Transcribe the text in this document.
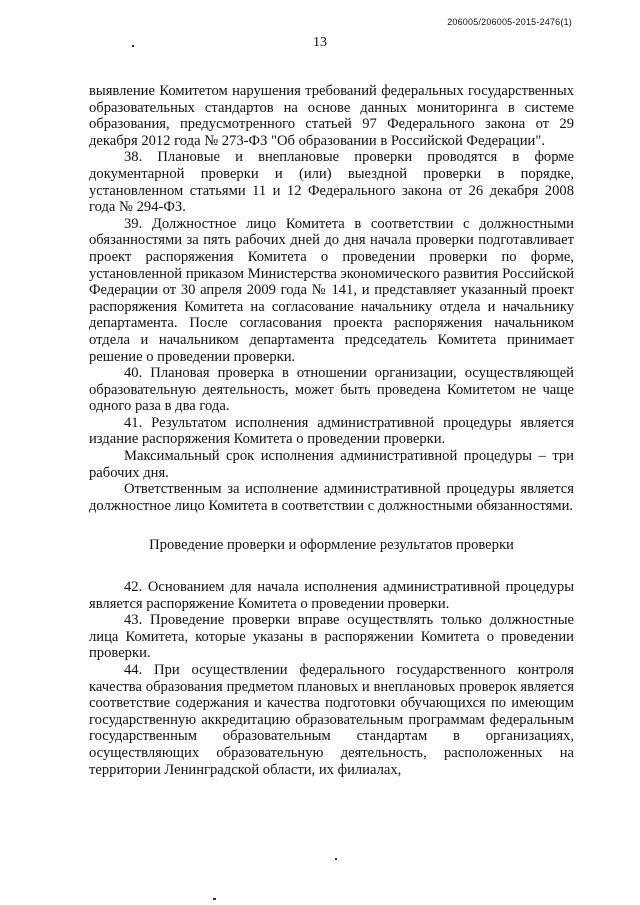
206005/206005-2015-2476(1)
13

выявление Комитетом нарушения требований федеральных государственных образовательных стандартов на основе данных мониторинга в системе образования, предусмотренного статьей 97 Федерального закона от 29 декабря 2012 года № 273-ФЗ "Об образовании в Российской Федерации".

38. Плановые и внеплановые проверки проводятся в форме документарной проверки и (или) выездной проверки в порядке, установленном статьями 11 и 12 Федерального закона от 26 декабря 2008 года № 294-ФЗ.

39. Должностное лицо Комитета в соответствии с должностными обязанностями за пять рабочих дней до дня начала проверки подготавливает проект распоряжения Комитета о проведении проверки по форме, установленной приказом Министерства экономического развития Российской Федерации от 30 апреля 2009 года № 141, и представляет указанный проект распоряжения Комитета на согласование начальнику отдела и начальнику департамента. После согласования проекта распоряжения начальником отдела и начальником департамента председатель Комитета принимает решение о проведении проверки.

40. Плановая проверка в отношении организации, осуществляющей образовательную деятельность, может быть проведена Комитетом не чаще одного раза в два года.

41. Результатом исполнения административной процедуры является издание распоряжения Комитета о проведении проверки.

Максимальный срок исполнения административной процедуры – три рабочих дня.

Ответственным за исполнение административной процедуры является должностное лицо Комитета в соответствии с должностными обязанностями.

Проведение проверки и оформление результатов проверки

42. Основанием для начала исполнения административной процедуры является распоряжение Комитета о проведении проверки.

43. Проведение проверки вправе осуществлять только должностные лица Комитета, которые указаны в распоряжении Комитета о проведении проверки.

44. При осуществлении федерального государственного контроля качества образования предметом плановых и внеплановых проверок является соответствие содержания и качества подготовки обучающихся по имеющим государственную аккредитацию образовательным программам федеральным государственным образовательным стандартам в организациях, осуществляющих образовательную деятельность, расположенных на территории Ленинградской области, их филиалах,
